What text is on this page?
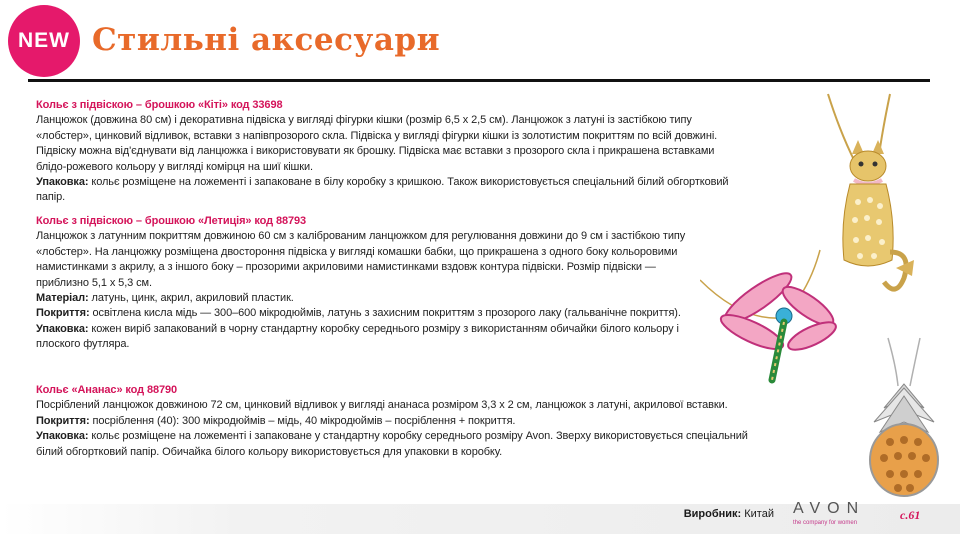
NEW Стильні аксесуари
Кольє з підвіскою – брошкою «Кіті» код 33698

Ланцюжок (довжина 80 см) і декоративна підвіска у вигляді фігурки кішки (розмір 6,5 х 2,5 см). Ланцюжок з латуні із застібкою типу «лобстер», цинковий відливок, вставки з напівпрозорого скла. Підвіска у вигляді фігурки кішки із золотистим покриттям по всій довжині. Підвіску можна від'єднувати від ланцюжка і використовувати як брошку. Підвіска має вставки з прозорого скла і прикрашена вставками блідо-рожевого кольору у вигляді комірця на шиї кішки.

Упаковка: кольє розміщене на ложементі і запаковане в білу коробку з кришкою. Також використовується спеціальний білий обгортковий папір.

Кольє з підвіскою – брошкою «Летиція» код 88793

Ланцюжок з латунним покриттям довжиною 60 см з каліброваним ланцюжком для регулювання довжини до 9 см і застібкою типу «лобстер». На ланцюжку розміщена двостороння підвіска у вигляді комашки бабки, що прикрашена з одного боку кольоровими намистинками з акрилу, а з іншого боку – прозорими акриловими намистинками вздовж контура підвіски. Розмір підвіски — приблизно 5,1 х 5,3 см.

Матеріал: латунь, цинк, акрил, акриловий пластик.

Покриття: освітлена кисла мідь — 300–600 мікродюймів, латунь з захисним покриттям з прозорого лаку (гальванічне покриття).

Упаковка: кожен виріб запакований в чорну стандартну коробку середнього розміру з використанням обичайки білого кольору і плоского футляра.

Кольє «Ананас» код 88790

Посріблений ланцюжок довжиною 72 см, цинковий відливок у вигляді ананаса розміром 3,3 х 2 см, ланцюжок з латуні, акрилової вставки.

Покриття: посріблення (40): 300 мікродюймів – мідь, 40 мікродюймів – посріблення + покриття.

Упаковка: кольє розміщене на ложементі і запаковане у стандартну коробку середнього розміру Avon. Зверху використовується спеціальний білий обгортковий папір. Обичайка білого кольору використовується для упаковки в коробку.

Виробник: Китай AVON
the company for women
с.61
